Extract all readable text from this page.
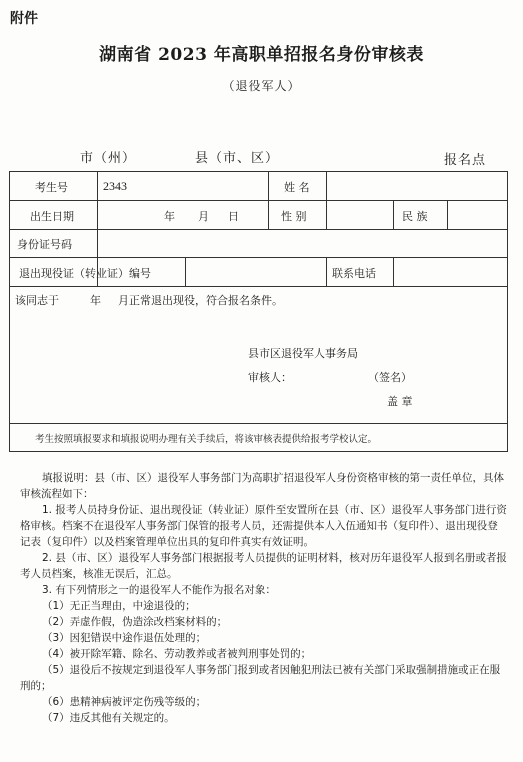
附件
湖南省 2023 年高职单招报名身份审核表
（退役军人）
市（州）	县（市、区）	报名点
考生号	2343	姓 名
出生日期	年 月 日	性 别	民 族
身份证号码
退出现役证（转业证）编号	联系电话
该同志于	年 月正常退出现役，符合报名条件。
县市区退役军人事务局
审核人：	（签名）
盖 章
考生按照填报要求和填报说明办理有关手续后，将该审核表提供给报考学校认定。

填报说明：县（市、区）退役军人事务部门为高职扩招退役军人身份资格审核的第一责任单位，具体审核流程如下：

1. 报考人员持身份证、退出现役证（转业证）原件至安置所在县（市、区）退役军人事务部门进行资格审核。档案不在退役军人事务部门保管的报考人员，还需提供本人入伍通知书（复印件）、退出现役登记表（复印件）以及档案管理单位出具的复印件真实有效证明。

2. 县（市、区）退役军人事务部门根据报考人员提供的证明材料，核对历年退役军人报到名册或者报考人员档案，核准无误后，汇总。

3. 有下列情形之一的退役军人不能作为报名对象：

（1）无正当理由，中途退役的；

（2）弄虚作假，伪造涂改档案材料的；

（3）因犯错误中途作退伍处理的；

（4）被开除军籍、除名、劳动教养或者被判刑事处罚的；

（5）退役后不按规定到退役军人事务部门报到或者因触犯刑法已被有关部门采取强制措施或正在服刑的；

（6）患精神病被评定伤残等级的；

（7）违反其他有关规定的。
